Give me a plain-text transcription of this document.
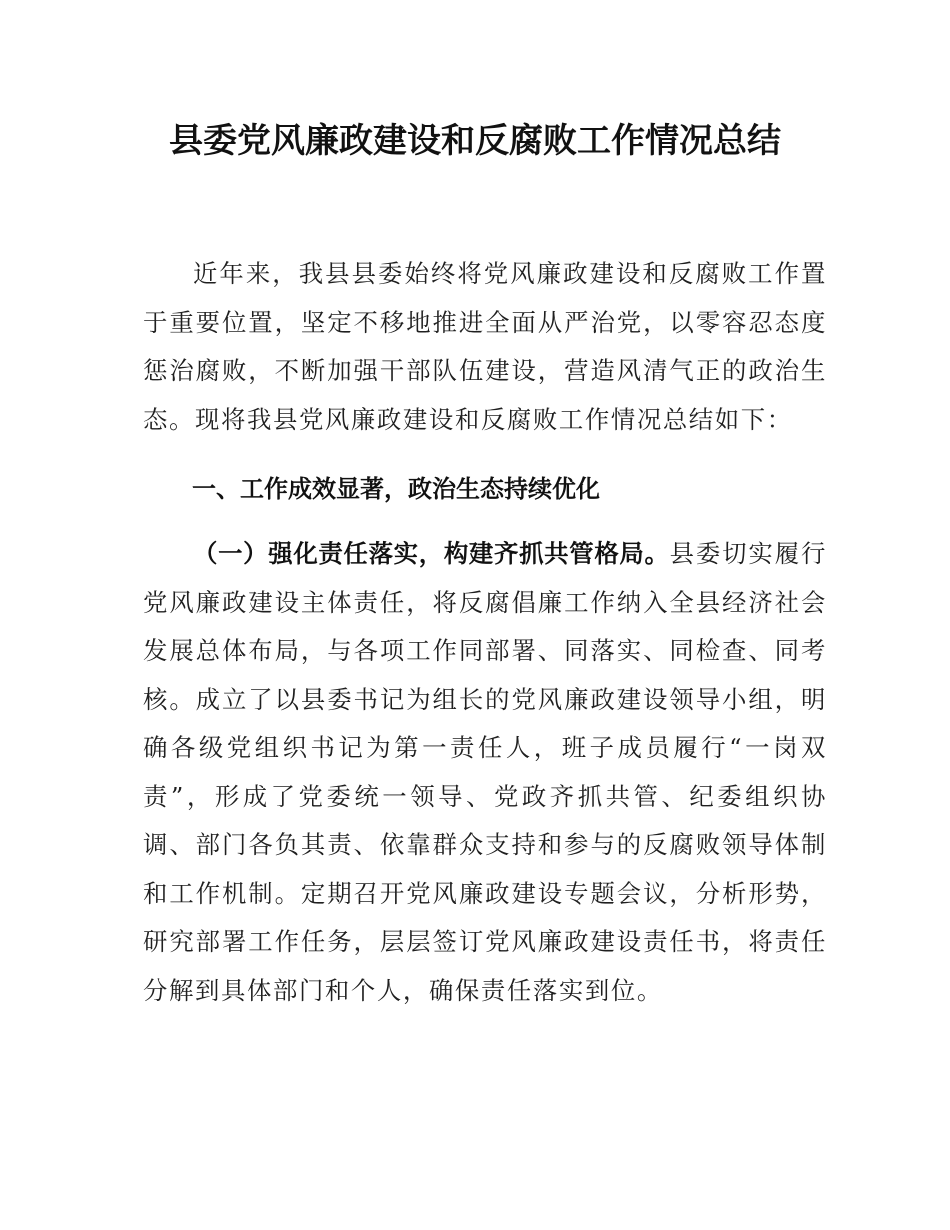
县委党风廉政建设和反腐败工作情况总结

近年来，我县县委始终将党风廉政建设和反腐败工作置于重要位置，坚定不移地推进全面从严治党，以零容忍态度惩治腐败，不断加强干部队伍建设，营造风清气正的政治生态。现将我县党风廉政建设和反腐败工作情况总结如下：

一、工作成效显著，政治生态持续优化

（一）强化责任落实，构建齐抓共管格局。县委切实履行党风廉政建设主体责任，将反腐倡廉工作纳入全县经济社会发展总体布局，与各项工作同部署、同落实、同检查、同考核。成立了以县委书记为组长的党风廉政建设领导小组，明确各级党组织书记为第一责任人，班子成员履行“一岗双责”，形成了党委统一领导、党政齐抓共管、纪委组织协调、部门各负其责、依靠群众支持和参与的反腐败领导体制和工作机制。定期召开党风廉政建设专题会议，分析形势，研究部署工作任务，层层签订党风廉政建设责任书，将责任分解到具体部门和个人，确保责任落实到位。
